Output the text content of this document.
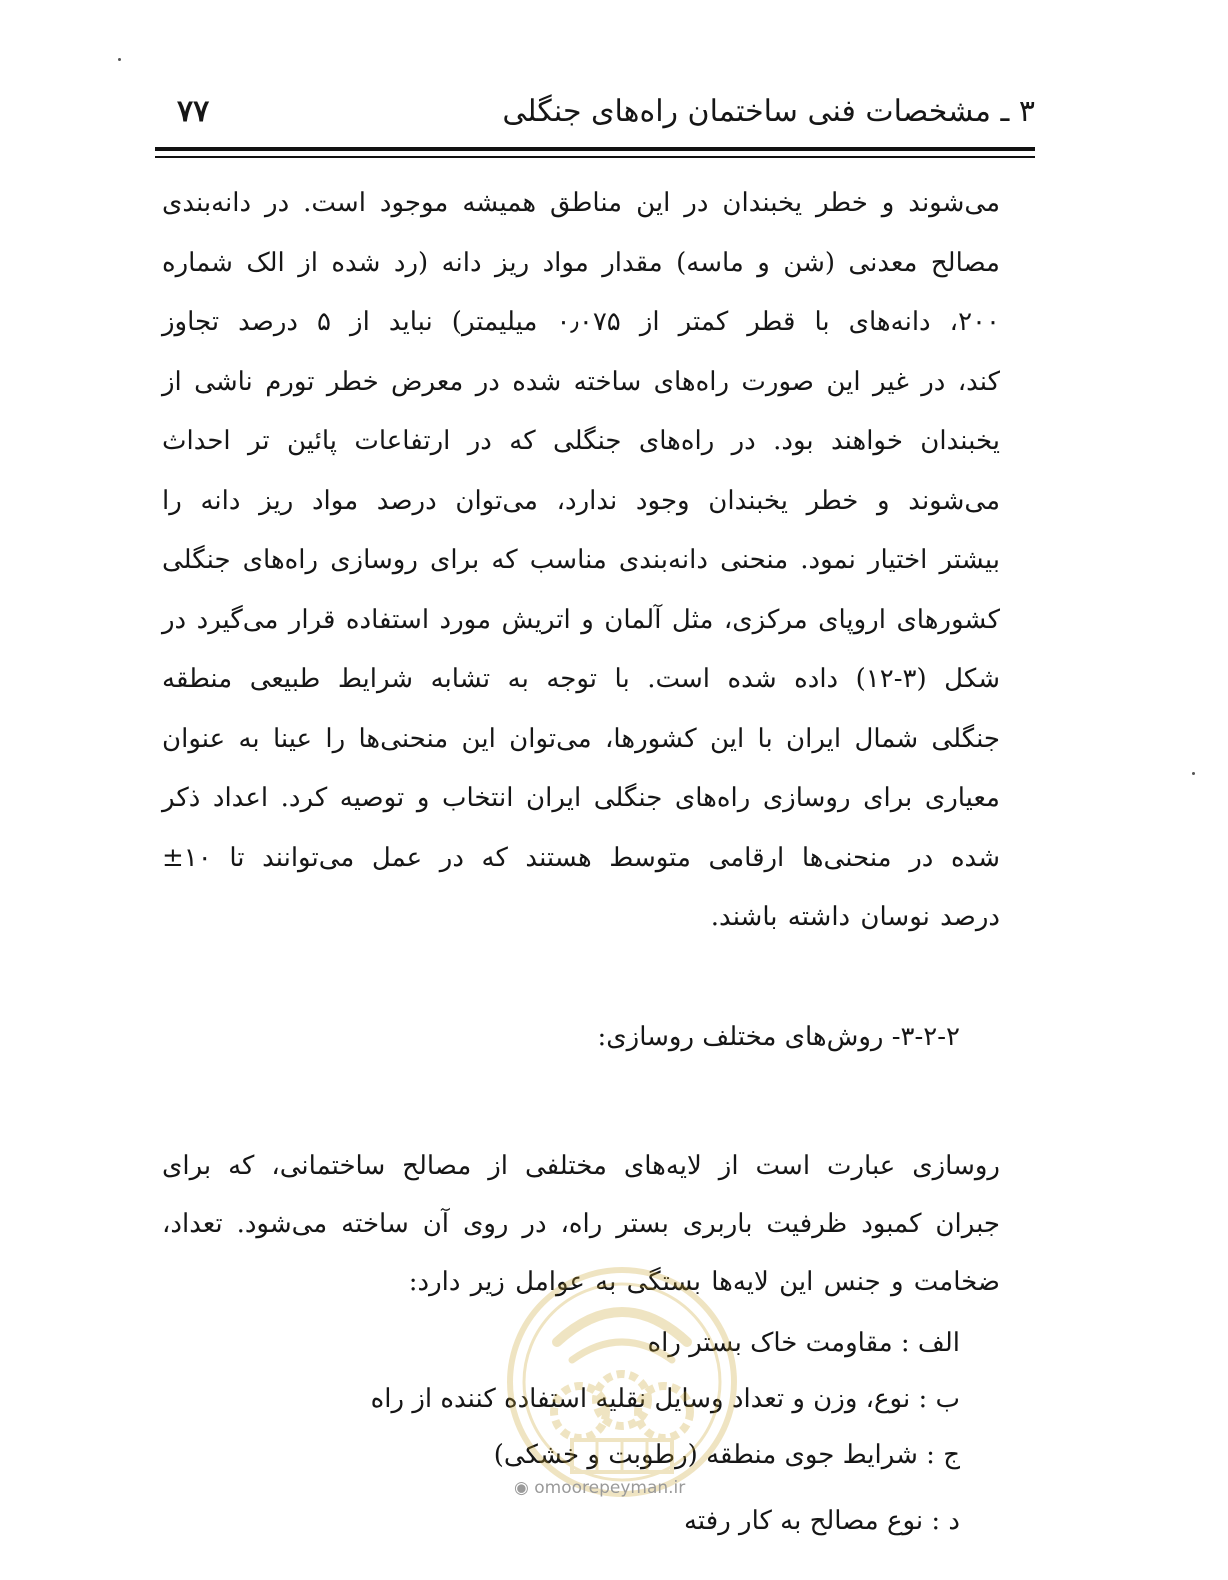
۳ ـ مشخصات فنی ساختمان راه‌های جنگلی
۷۷
می‌شوند و خطر یخبندان در این مناطق همیشه موجود است. در دانه‌بندی
مصالح معدنی (شن و ماسه) مقدار مواد ریز دانه (رد شده از الک شماره
۲۰۰، دانه‌های با قطر کمتر از ۰٫۰۷۵ میلیمتر) نباید از ۵ درصد تجاوز
کند، در غیر این صورت راه‌های ساخته شده در معرض خطر تورم ناشی از
یخبندان خواهند بود. در راه‌های جنگلی که در ارتفاعات پائین تر احداث
می‌شوند و خطر یخبندان وجود ندارد، می‌توان درصد مواد ریز دانه را
بیشتر اختیار نمود. منحنی دانه‌بندی مناسب که برای روسازی راه‌های جنگلی
کشورهای اروپای مرکزی، مثل آلمان و اتریش مورد استفاده قرار می‌گیرد در
شکل (۳-۱۲) داده شده است. با توجه به تشابه شرایط طبیعی منطقه
جنگلی شمال ایران با این کشورها، می‌توان این منحنی‌ها را عینا به عنوان
معیاری برای روسازی راه‌های جنگلی ایران انتخاب و توصیه کرد. اعداد ذکر
شده در منحنی‌ها ارقامی متوسط هستند که در عمل می‌توانند تا ۱۰±
درصد نوسان داشته باشند.
۳-۲-۲- روش‌های مختلف روسازی:
روسازی عبارت است از لایه‌های مختلفی از مصالح ساختمانی، که برای
جبران کمبود ظرفیت باربری بستر راه، در روی آن ساخته می‌شود. تعداد،
ضخامت و جنس این لایه‌ها بستگی به عوامل زیر دارد:
الف : مقاومت خاک بستر راه
ب : نوع، وزن و تعداد وسایل نقلیه استفاده کننده از راه
ج : شرایط جوی منطقه (رطوبت و خشکی)
د : نوع مصالح به کار رفته
◉ omoorepeyman.ir
